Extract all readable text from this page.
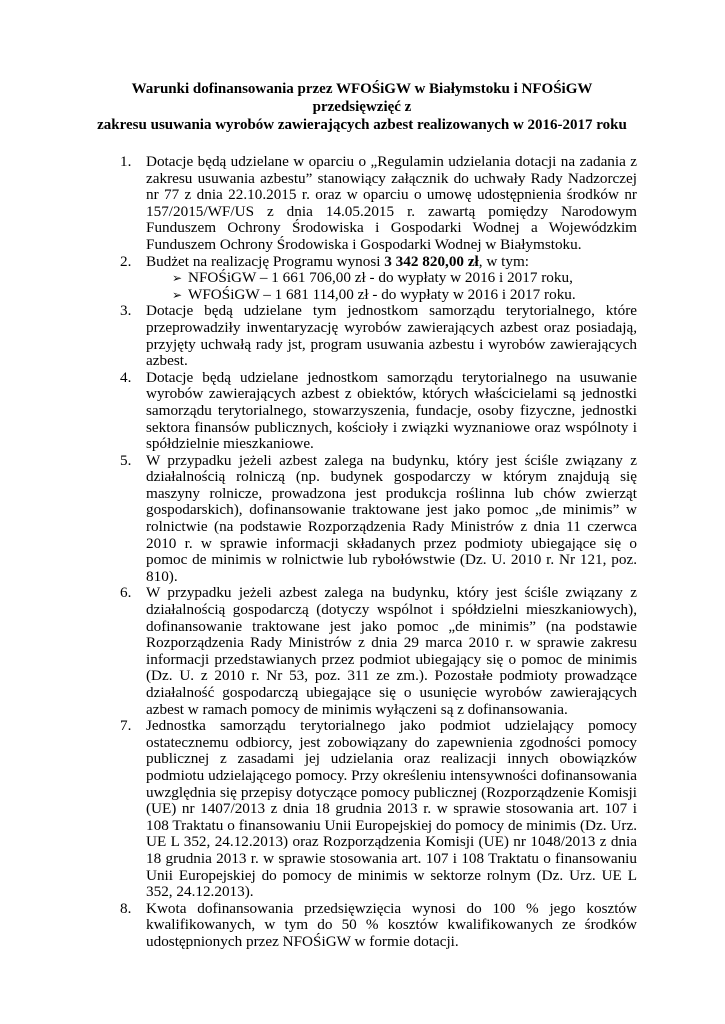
Warunki dofinansowania przez WFOŚiGW w Białymstoku i NFOŚiGW przedsięwzięć z
zakresu usuwania wyrobów zawierających azbest realizowanych w 2016-2017 roku
1. Dotacje będą udzielane w oparciu o „Regulamin udzielania dotacji na zadania z zakresu usuwania azbestu” stanowiący załącznik do uchwały Rady Nadzorczej nr 77 z dnia 22.10.2015 r. oraz w oparciu o umowę udostępnienia środków nr 157/2015/WF/US z dnia 14.05.2015 r. zawartą pomiędzy Narodowym Funduszem Ochrony Środowiska i Gospodarki Wodnej a Wojewódzkim Funduszem Ochrony Środowiska i Gospodarki Wodnej w Białymstoku.
2. Budżet na realizację Programu wynosi 3 342 820,00 zł, w tym:
➢ NFOŚiGW – 1 661 706,00 zł - do wypłaty w 2016 i 2017 roku,
➢ WFOŚiGW – 1 681 114,00 zł - do wypłaty w 2016 i 2017 roku.
3. Dotacje będą udzielane tym jednostkom samorządu terytorialnego, które przeprowadziły inwentaryzację wyrobów zawierających azbest oraz posiadają, przyjęty uchwałą rady jst, program usuwania azbestu i wyrobów zawierających azbest.
4. Dotacje będą udzielane jednostkom samorządu terytorialnego na usuwanie wyrobów zawierających azbest z obiektów, których właścicielami są jednostki samorządu terytorialnego, stowarzyszenia, fundacje, osoby fizyczne, jednostki sektora finansów publicznych, kościoły i związki wyznaniowe oraz wspólnoty i spółdzielnie mieszkaniowe.
5. W przypadku jeżeli azbest zalega na budynku, który jest ściśle związany z działalnością rolniczą (np. budynek gospodarczy w którym znajdują się maszyny rolnicze, prowadzona jest produkcja roślinna lub chów zwierząt gospodarskich), dofinansowanie traktowane jest jako pomoc „de minimis” w rolnictwie (na podstawie Rozporządzenia Rady Ministrów z dnia 11 czerwca 2010 r. w sprawie informacji składanych przez podmioty ubiegające się o pomoc de minimis w rolnictwie lub rybołówstwie (Dz. U. 2010 r. Nr 121, poz. 810).
6. W przypadku jeżeli azbest zalega na budynku, który jest ściśle związany z działalnością gospodarczą (dotyczy wspólnot i spółdzielni mieszkaniowych), dofinansowanie traktowane jest jako pomoc „de minimis” (na podstawie Rozporządzenia Rady Ministrów z dnia 29 marca 2010 r. w sprawie zakresu informacji przedstawianych przez podmiot ubiegający się o pomoc de minimis (Dz. U. z 2010 r. Nr 53, poz. 311 ze zm.). Pozostałe podmioty prowadzące działalność gospodarczą ubiegające się o usunięcie wyrobów zawierających azbest w ramach pomocy de minimis wyłączeni są z dofinansowania.
7. Jednostka samorządu terytorialnego jako podmiot udzielający pomocy ostatecznemu odbiorcy, jest zobowiązany do zapewnienia zgodności pomocy publicznej z zasadami jej udzielania oraz realizacji innych obowiązków podmiotu udzielającego pomocy. Przy określeniu intensywności dofinansowania uwzględnia się przepisy dotyczące pomocy publicznej (Rozporządzenie Komisji (UE) nr 1407/2013 z dnia 18 grudnia 2013 r. w sprawie stosowania art. 107 i 108 Traktatu o finansowaniu Unii Europejskiej do pomocy de minimis (Dz. Urz. UE L 352, 24.12.2013) oraz Rozporządzenia Komisji (UE) nr 1048/2013 z dnia 18 grudnia 2013 r. w sprawie stosowania art. 107 i 108 Traktatu o finansowaniu Unii Europejskiej do pomocy de minimis w sektorze rolnym (Dz. Urz. UE L 352, 24.12.2013).
8. Kwota dofinansowania przedsięwzięcia wynosi do 100 % jego kosztów kwalifikowanych, w tym do 50 % kosztów kwalifikowanych ze środków udostępnionych przez NFOŚiGW w formie dotacji.
